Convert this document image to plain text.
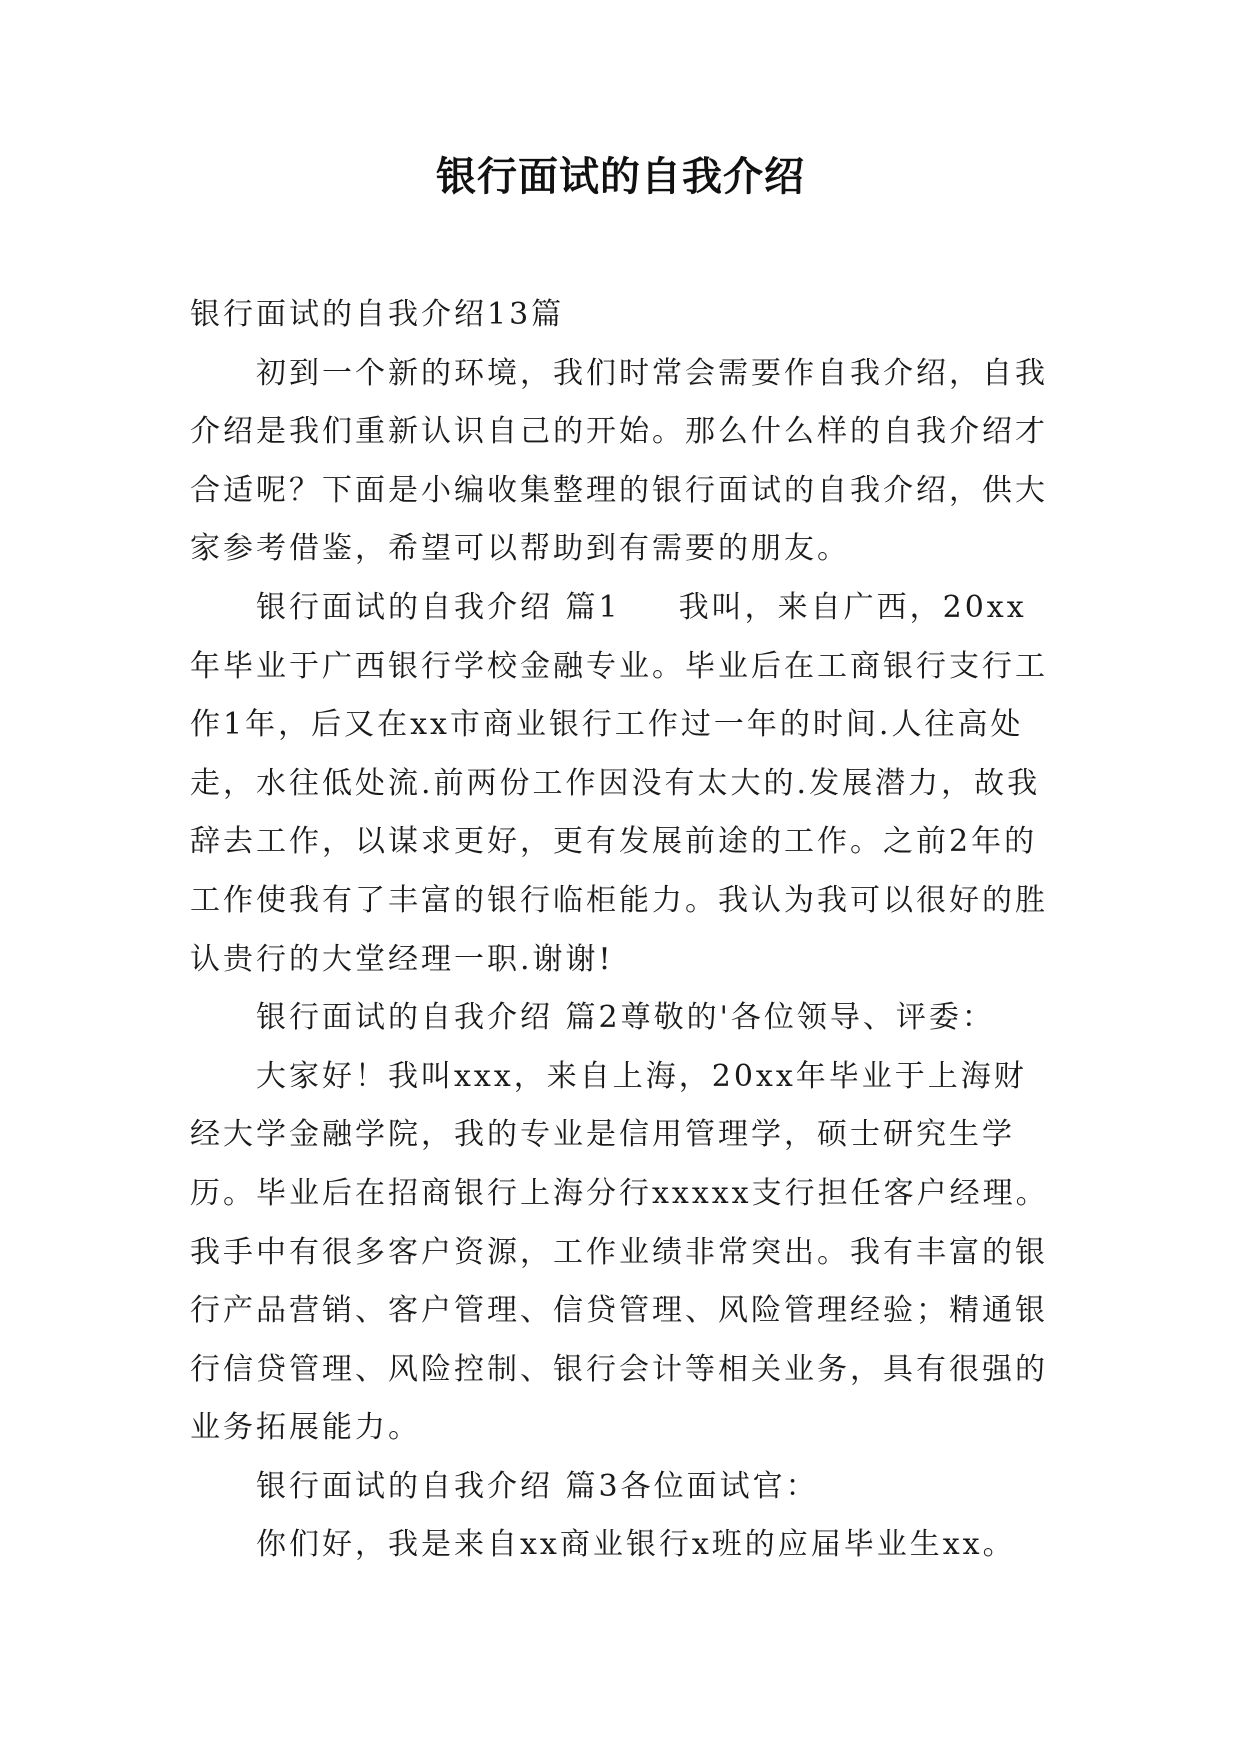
银行面试的自我介绍

银行面试的自我介绍13篇

初到一个新的环境，我们时常会需要作自我介绍，自我介绍是我们重新认识自己的开始。那么什么样的自我介绍才合适呢？下面是小编收集整理的银行面试的自我介绍，供大家参考借鉴，希望可以帮助到有需要的朋友。

银行面试的自我介绍 篇1 我叫，来自广西，20xx年毕业于广西银行学校金融专业。毕业后在工商银行支行工作1年，后又在xx市商业银行工作过一年的时间.人往高处走，水往低处流.前两份工作因没有太大的.发展潜力，故我辞去工作，以谋求更好，更有发展前途的工作。之前2年的工作使我有了丰富的银行临柜能力。我认为我可以很好的胜认贵行的大堂经理一职.谢谢!

银行面试的自我介绍 篇2尊敬的'各位领导、评委：

大家好！我叫xxx，来自上海，20xx年毕业于上海财经大学金融学院，我的专业是信用管理学，硕士研究生学历。毕业后在招商银行上海分行xxxxx支行担任客户经理。我手中有很多客户资源，工作业绩非常突出。我有丰富的银行产品营销、客户管理、信贷管理、风险管理经验；精通银行信贷管理、风险控制、银行会计等相关业务，具有很强的业务拓展能力。

银行面试的自我介绍 篇3各位面试官：

你们好，我是来自xx商业银行x班的应届毕业生xx。
